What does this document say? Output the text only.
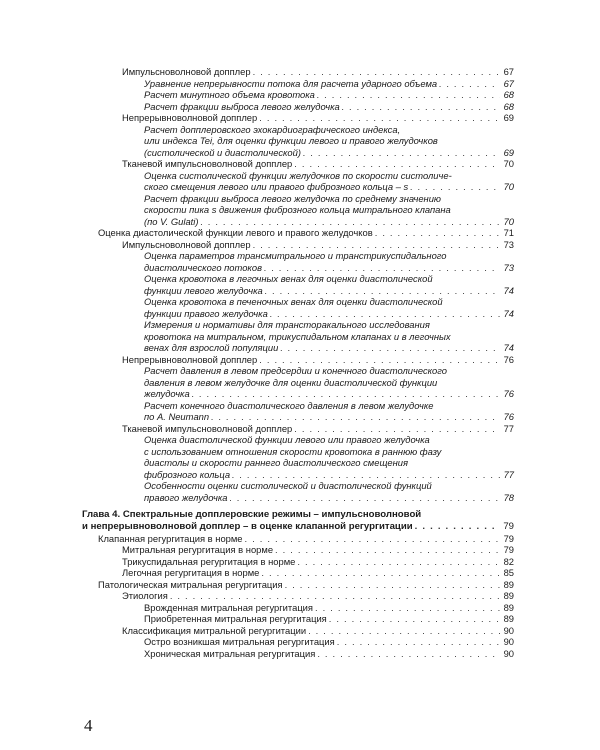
Импульсноволновой допплер . . .	67
Уравнение непрерывности потока для расчета ударного объема . . .	67
Расчет минутного объема кровотока . . .	68
Расчет фракции выброса левого желудочка . . .	68
Непрерывноволновой допплер . . .	69
Расчет допплеровского эхокардиографического индекса,
или индекса Tei, для оценки функции левого и правого желудочков
(систолической и диастолической) . . .	69
Тканевой импульсноволновой допплер . . .	70
Оценка систолической функции желудочков по скорости систоличе-
ского смещения левого или правого фиброзного кольца – s . . .	70
Расчет фракции выброса левого желудочка по среднему значению
скорости пика s движения фиброзного кольца митрального клапана
(по V. Gulati) . . .	70
Оценка диастолической функции левого и правого желудочков . . .	71
Импульсноволновой допплер . . .	73
Оценка параметров трансмитрального и транстрикуспидального
диастолического потоков . . .	73
Оценка кровотока в легочных венах для оценки диастолической
функции левого желудочка . . .	74
Оценка кровотока в печеночных венах для оценки диастолической
функции правого желудочка . . .	74
Измерения и нормативы для трансторакального исследования
кровотока на митральном, трикуспидальном клапанах и в легочных
венах для взрослой популяции . . .	74
Непрерывноволновой допплер . . .	76
Расчет давления в левом предсердии и конечного диастолического
давления в левом желудочке для оценки диастолической функции
желудочка . . .	76
Расчет конечного диастолического давления в левом желудочке
по A. Neumann . . .	76
Тканевой импульсноволновой допплер . . .	77
Оценка диастолической функции левого или правого желудочка
с использованием отношения скорости кровотока в раннюю фазу
диастолы и скорости раннего диастолического смещения
фиброзного кольца . . .	77
Особенности оценки систолической и диастолической функций
правого желудочка . . .	78
Глава 4. Спектральные допплеровские режимы – импульсноволновой
и непрерывноволновой допплер – в оценке клапанной регургитации . . .	79
Клапанная регургитация в норме . . .	79
Митральная регургитация в норме . . .	79
Трикуспидальная регургитация в норме . . .	82
Легочная регургитация в норме . . .	85
Патологическая митральная регургитация . . .	89
Этиология . . .	89
Врожденная митральная регургитация . . .	89
Приобретенная митральная регургитация . . .	89
Классификация митральной регургитации . . .	90
Остро возникшая митральная регургитация . . .	90
Хроническая митральная регургитация . . .	90
4
